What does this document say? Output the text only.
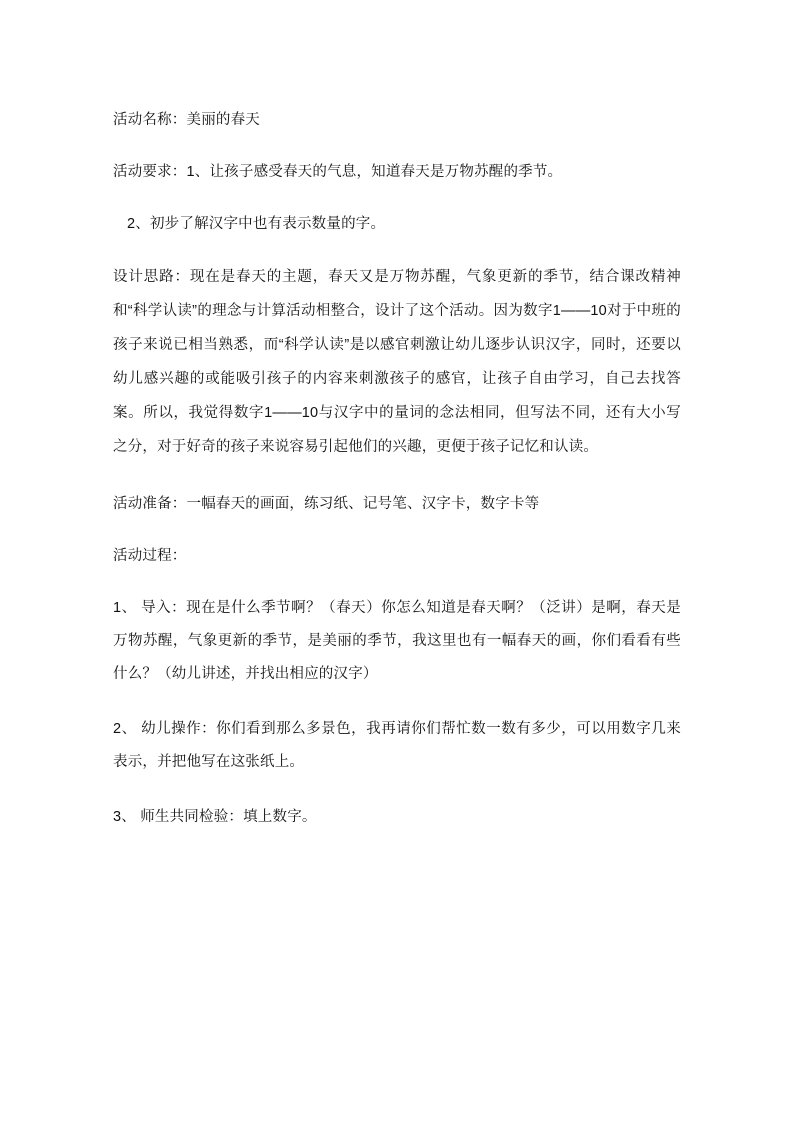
活动名称：美丽的春天

活动要求：1、让孩子感受春天的气息，知道春天是万物苏醒的季节。

2、初步了解汉字中也有表示数量的字。

设计思路：现在是春天的主题，春天又是万物苏醒，气象更新的季节，结合课改精神和“科学认读”的理念与计算活动相整合，设计了这个活动。因为数字1——10对于中班的孩子来说已相当熟悉，而“科学认读”是以感官刺激让幼儿逐步认识汉字，同时，还要以幼儿感兴趣的或能吸引孩子的内容来刺激孩子的感官，让孩子自由学习，自己去找答案。所以，我觉得数字1——10与汉字中的量词的念法相同，但写法不同，还有大小写之分，对于好奇的孩子来说容易引起他们的兴趣，更便于孩子记忆和认读。

活动准备：一幅春天的画面，练习纸、记号笔、汉字卡，数字卡等

活动过程：

1、 导入：现在是什么季节啊？（春天）你怎么知道是春天啊？（泛讲）是啊，春天是万物苏醒，气象更新的季节，是美丽的季节，我这里也有一幅春天的画，你们看看有些什么？（幼儿讲述，并找出相应的汉字）

2、 幼儿操作：你们看到那么多景色，我再请你们帮忙数一数有多少，可以用数字几来表示，并把他写在这张纸上。

3、 师生共同检验：填上数字。
